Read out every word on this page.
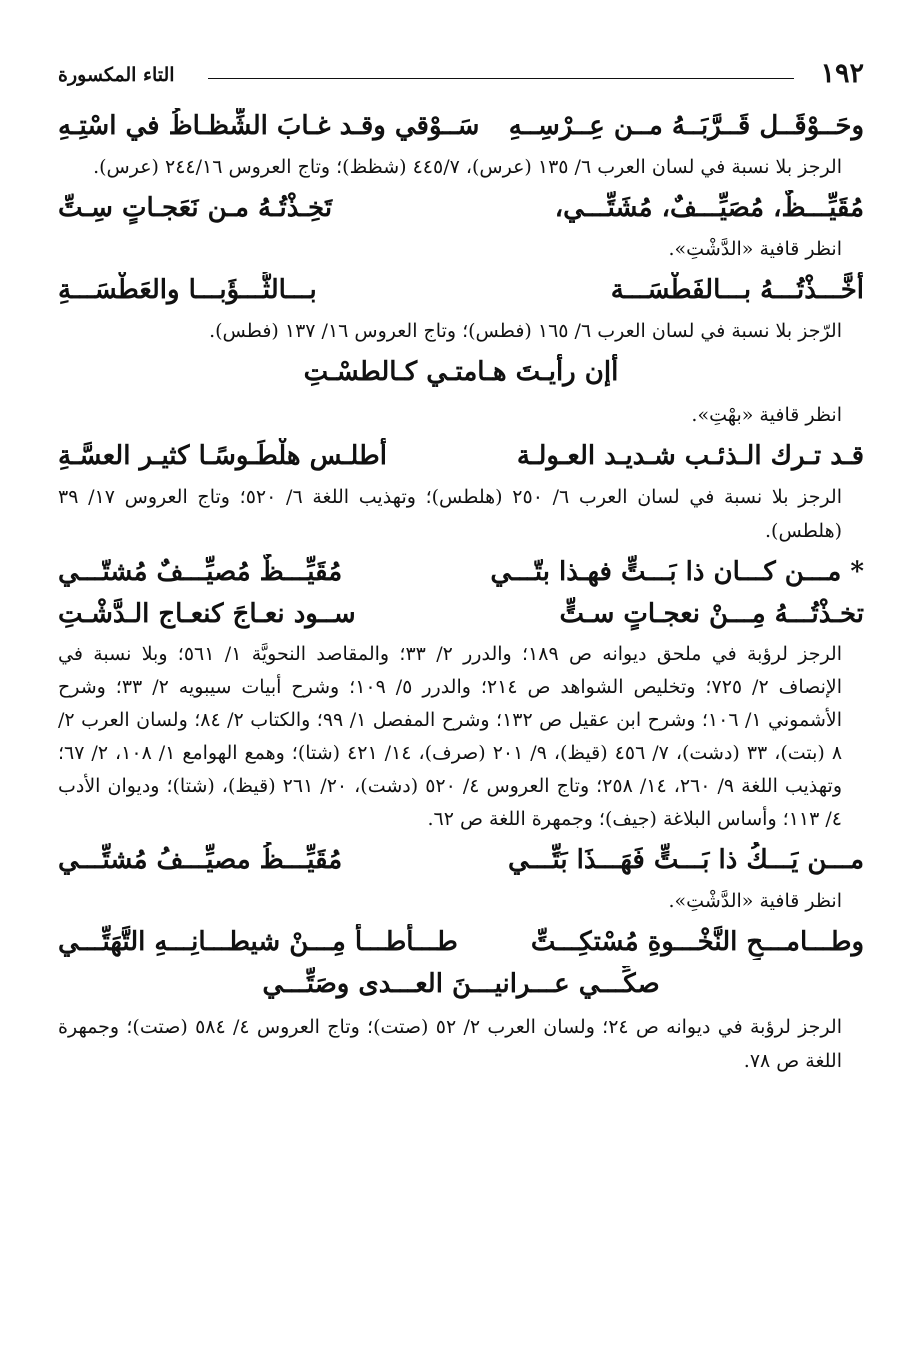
١٩٢
التاء المكسورة
وحَــوْقَــل قَــرَّبَــهُ مــن عِــرْسِــهِ
سَــوْقي وقـد غـابَ الشِّظـاظُ في اسْتِـهِ

الرجز بلا نسبة في لسان العرب ٦/ ١٣٥ (عرس)، ٤٤٥/٧ (شظظ)؛ وتاج العروس ٢٤٤/١٦ (عرس).

مُقَيِّـــظٌ، مُصَيِّـــفٌ، مُشَتِّـــي،
تَخِـذْتُـهُ مـن نَعَجـاتٍ سِـتِّ

انظر قافية «الدَّشْتِ».

أخَّـــذْتُـــهُ بـــالفَطْسَـــة
بـــالثُّـــؤَبـــا والعَطْسَـــةِ

الرّجز بلا نسبة في لسان العرب ٦/ ١٦٥ (فطس)؛ وتاج العروس ١٦/ ١٣٧ (فطس).

أإن رأيـتَ هـامتـي كـالطسْـتِ

انظر قافية «بهْتِ».

قـد تـرك الـذئـب شـديـد العـولـة
أطلـس هلْطَـوسًـا كثيـر العسَّـةِ

الرجز بلا نسبة في لسان العرب ٦/ ٢٥٠ (هلطس)؛ وتهذيب اللغة ٦/ ٥٢٠؛ وتاج العروس ١٧/ ٣٩ (هلطس).

* مـــن كـــان ذا بَـــتٍّ فهـذا بتّـــي
مُقَيِّـــظٌ مُصيِّـــفٌ مُشتّـــي
تخـذْتُـــهُ مِـــنْ نعجـاتٍ سـتٍّ
ســود نعـاجَ كنعـاج الـدَّشْـتِ

الرجز لرؤبة في ملحق ديوانه ص ١٨٩؛ والدرر ٢/ ٣٣؛ والمقاصد النحويَّة ١/ ٥٦١؛ وبلا نسبة في الإنصاف ٢/ ٧٢٥؛ وتخليص الشواهد ص ٢١٤؛ والدرر ٥/ ١٠٩؛ وشرح أبيات سيبويه ٢/ ٣٣؛ وشرح الأشموني ١/ ١٠٦؛ وشرح ابن عقيل ص ١٣٢؛ وشرح المفصل ١/ ٩٩؛ والكتاب ٢/ ٨٤؛ ولسان العرب ٢/ ٨ (بتت)، ٣٣ (دشت)، ٧/ ٤٥٦ (قيظ)، ٩/ ٢٠١ (صرف)، ١٤/ ٤٢١ (شتا)؛ وهمع الهوامع ١/ ١٠٨، ٢/ ٦٧؛ وتهذيب اللغة ٩/ ٢٦٠، ١٤/ ٢٥٨؛ وتاج العروس ٤/ ٥٢٠ (دشت)، ٢٠/ ٢٦١ (قيظ)، (شتا)؛ وديوان الأدب ٤/ ١١٣؛ وأساس البلاغة (جيف)؛ وجمهرة اللغة ص ٦٢.

مـــن يَـــكُ ذا بَـــتٍّ فَهَـــذَا بَتِّـــي
مُقَيِّـــظُ مصيِّـــفُ مُشتِّـــي

انظر قافية «الدَّشْتِ».

وطـــامـــحِ النَّخْـــوةِ مُسْتكِـــتِّ
طـــأطـــأ مِـــنْ شيطـــانِـــهِ التَّهَتِّـــي
صكِّـــي عـــرانيـــنَ العـــدى وصَتِّـــي

الرجز لرؤبة في ديوانه ص ٢٤؛ ولسان العرب ٢/ ٥٢ (صتت)؛ وتاج العروس ٤/ ٥٨٤ (صتت)؛ وجمهرة اللغة ص ٧٨.
